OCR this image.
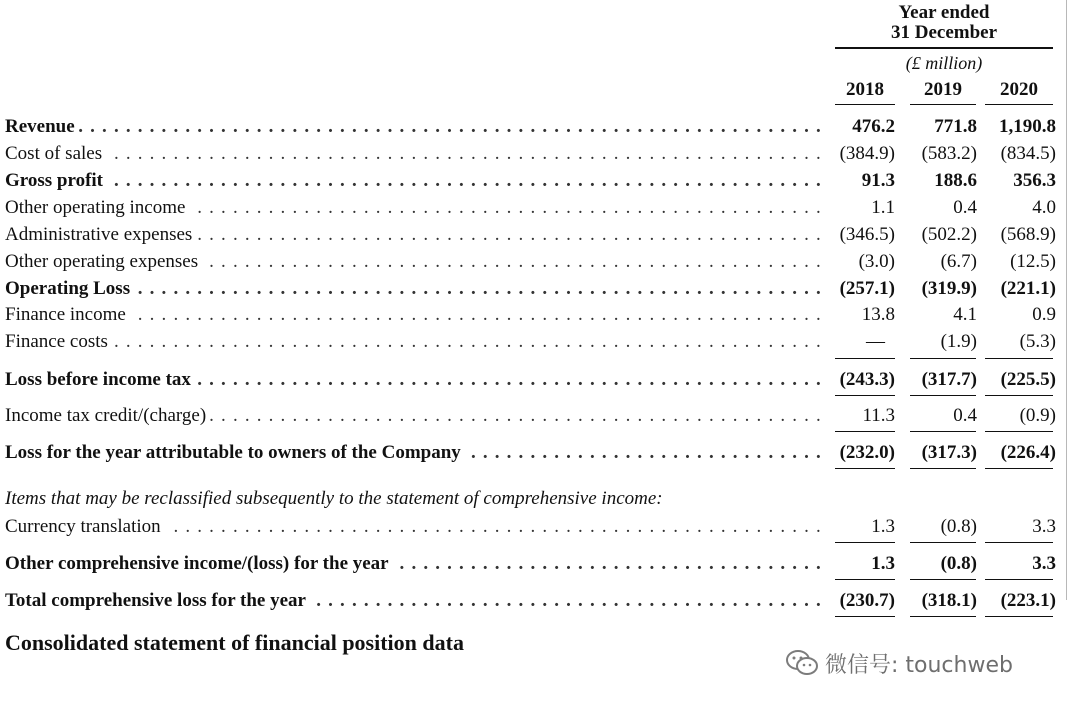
Year ended
31 December
(£ million)
2018	2019	2020
Revenue . . .	476.2 771.8 1,190.8
Cost of sales . . .	(384.9) (583.2) (834.5)
Gross profit . . .	91.3 188.6 356.3
Other operating income . . .	1.1	0.4	4.0
Administrative expenses . . .	(346.5) (502.2) (568.9)
Other operating expenses . . .	(3.0) (6.7) (12.5)
Operating Loss . . .	(257.1) (319.9) (221.1)
Finance income . . .	13.8	4.1	0.9
Finance costs . . .	—	(1.9) (5.3)
Loss before income tax . . .	(243.3) (317.7) (225.5)
Income tax credit/(charge) . . .	11.3	0.4 (0.9)
Loss for the year attributable to owners of the Company . . .	(232.0) (317.3) (226.4)
Items that may be reclassified subsequently to the statement of comprehensive income:
Currency translation . . .	1.3 (0.8)	3.3
Other comprehensive income/(loss) for the year . . .	1.3 (0.8)	3.3
Total comprehensive loss for the year . . .	(230.7) (318.1) (223.1)
Consolidated statement of financial position data
微信号: touchweb
